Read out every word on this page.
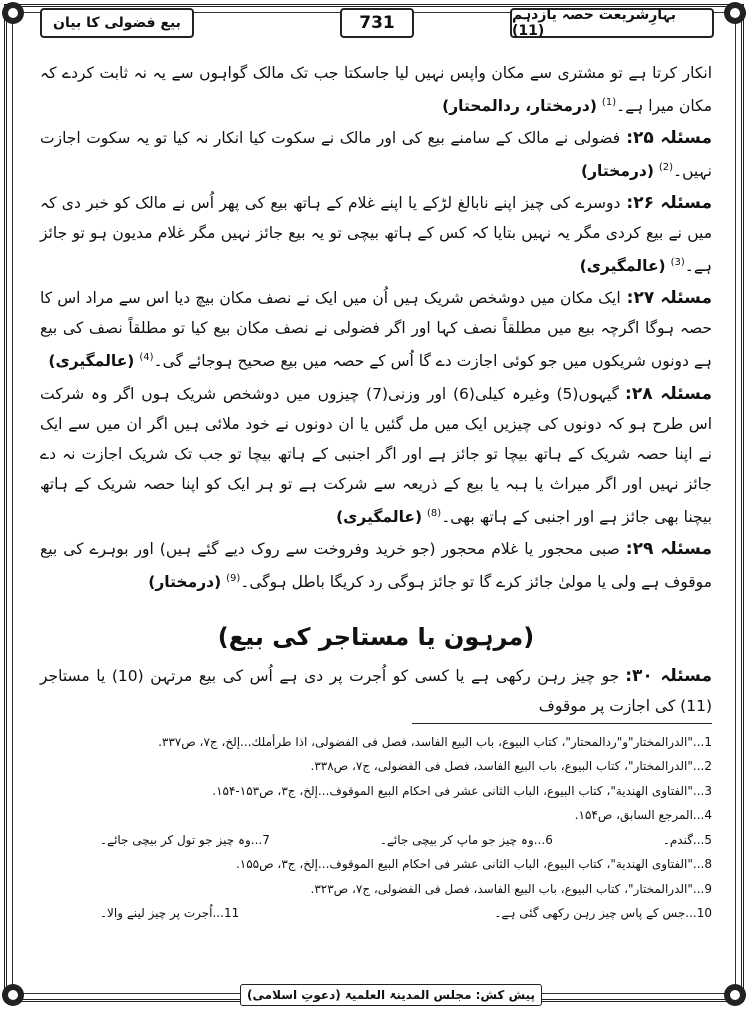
بیع فضولی کا بیان	731	بہارِشریعت حصہ یازدہم (11)

انکار کرتا ہے تو مشتری سے مکان واپس نہیں لیا جاسکتا جب تک مالک گواہوں سے یہ نہ ثابت کردے کہ مکان میرا ہے۔$^{(1)}$ (درمختار، ردالمحتار)

مسئلہ ۲۵:فضولی نے مالک کے سامنے بیع کی اور مالک نے سکوت کیا انکار نہ کیا تو یہ سکوت اجازت نہیں۔$^{(2)}$ (درمختار)

مسئلہ ۲۶:دوسرے کی چیز اپنے نابالغ لڑکے یا اپنے غلام کے ہاتھ بیع کی پھر اُس نے مالک کو خبر دی کہ میں نے بیع کردی مگر یہ نہیں بتایا کہ کس کے ہاتھ بیچی تو یہ بیع جائز نہیں مگر غلام مدیون ہو تو جائز ہے۔$^{(3)}$ (عالمگیری)

مسئلہ ۲۷:ایک مکان میں دوشخص شریک ہیں اُن میں ایک نے نصف مکان بیچ دیا اس سے مراد اس کا حصہ ہوگا اگرچہ بیع میں مطلقاً نصف کہا اور اگر فضولی نے نصف مکان بیع کیا تو مطلقاً نصف کی بیع ہے دونوں شریکوں میں جو کوئی اجازت دے گا اُس کے حصہ میں بیع صحیح ہوجائے گی۔$^{(4)}$ (عالمگیری)

مسئلہ ۲۸:گیہوں(5) وغیرہ کیلی(6) اور وزنی(7) چیزوں میں دوشخص شریک ہوں اگر وہ شرکت اس طرح ہو کہ دونوں کی چیزیں ایک میں مل گئیں یا ان دونوں نے خود ملائی ہیں اگر ان میں سے ایک نے اپنا حصہ شریک کے ہاتھ بیچا تو جائز ہے اور اگر اجنبی کے ہاتھ بیچا تو جب تک شریک اجازت نہ دے جائز نہیں اور اگر میراث یا ہبہ یا بیع کے ذریعہ سے شرکت ہے تو ہر ایک کو اپنا حصہ شریک کے ہاتھ بیچنا بھی جائز ہے اور اجنبی کے ہاتھ بھی۔$^{(8)}$ (عالمگیری)

مسئلہ ۲۹:صبی محجور یا غلام محجور (جو خرید وفروخت سے روک دیے گئے ہیں) اور بوہرے کی بیع موقوف ہے ولی یا مولیٰ جائز کرے گا تو جائز ہوگی رد کریگا باطل ہوگی۔$^{(9)}$ (درمختار)

(مرہون یا مستاجر کی بیع)

مسئلہ ۳۰:جو چیز رہن رکھی ہے یا کسی کو اُجرت پر دی ہے اُس کی بیع مرتہن (10) یا مستاجر (11) کی اجازت پر موقوف

1..."الدرالمختار"و"ردالمحتار"، کتاب البیوع، باب البیع الفاسد، فصل فی الفضولی، اذا طرأملك...إلخ، ج۷، ص۳۳۷.

2..."الدرالمختار"، کتاب البیوع، باب البیع الفاسد، فصل فی الفضولی، ج۷، ص۳۳۸.

3..."الفتاوی الهندیة"، کتاب البیوع، الباب الثانی عشر فی احکام البیع الموقوف...إلخ، ج۳، ص۱۵۳-۱۵۴.

4...المرجع السابق، ص۱۵۴.

5...گندم۔
6...وہ چیز جو ماپ کر بیچی جائے۔
7...وہ چیز جو تول کر بیچی جائے۔

8..."الفتاوی الهندیة"، کتاب البیوع، الباب الثانی عشر فی احکام البیع الموقوف...إلخ، ج۳، ص۱۵۵.

9..."الدرالمختار"، کتاب البیوع، باب البیع الفاسد، فصل فی الفضولی، ج۷، ص۳۲۳.

10...جس کے پاس چیز رہن رکھی گئی ہے۔
11...اُجرت پر چیز لینے والا۔
پیش کش: مجلس المدینۃ العلمیۃ (دعوتِ اسلامی)
